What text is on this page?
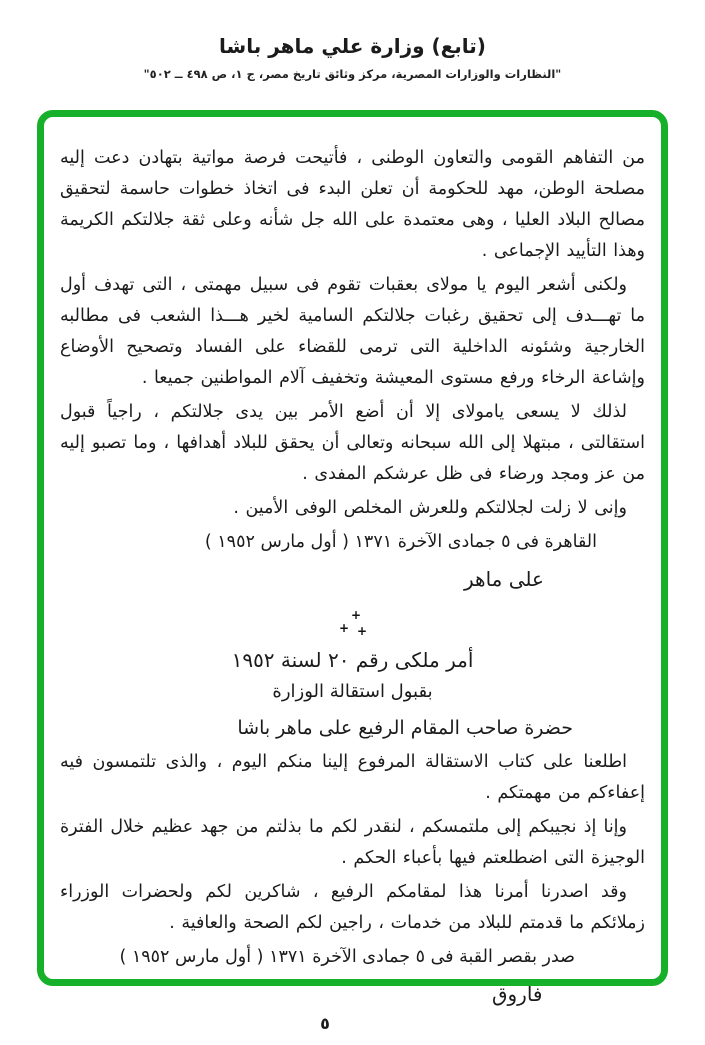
(تابع) وزارة علي ماهر باشا
"النظارات والوزارات المصرية، مركز وثائق تاريخ مصر، ج ١، ص ٤٩٨ ــ ٥٠٢"

من التفاهم القومى والتعاون الوطنى ، فأتيحت فرصة مواتية بتهادن دعت إليه مصلحة الوطن، مهد للحكومة أن تعلن البدء فى اتخاذ خطوات حاسمة لتحقيق مصالح البلاد العليا ، وهى معتمدة على الله جل شأنه وعلى ثقة جلالتكم الكريمة وهذا التأييد الإجماعى .

ولكنى أشعر اليوم يا مولاى بعقبات تقوم فى سبيل مهمتى ، التى تهدف أول ما تهـــدف إلى تحقيق رغبات جلالتكم السامية لخير هـــذا الشعب فى مطالبه الخارجية وشئونه الداخلية التى ترمى للقضاء على الفساد وتصحيح الأوضاع وإشاعة الرخاء ورفع مستوى المعيشة وتخفيف آلام المواطنين جميعا .

لذلك لا يسعى يامولاى إلا أن أضع الأمر بين يدى جلالتكم ، راجياً قبول استقالتى ، مبتهلا إلى الله سبحانه وتعالى أن يحقق للبلاد أهدافها ، وما تصبو إليه من عز ومجد ورضاء فى ظل عرشكم المفدى .

وإنى لا زلت لجلالتكم وللعرش المخلص الوفى الأمين .

القاهرة فى ٥ جمادى الآخرة ١٣٧١ ( أول مارس ١٩٥٢ )

على ماهر

+
+ +
أمر ملكى رقم ٢٠ لسنة ١٩٥٢
بقبول استقالة الوزارة
حضرة صاحب المقام الرفيع على ماهر باشا

اطلعنا على كتاب الاستقالة المرفوع إلينا منكم اليوم ، والذى تلتمسون فيه إعفاءكم من مهمتكم .

وإنا إذ نجيبكم إلى ملتمسكم ، لنقدر لكم ما بذلتم من جهد عظيم خلال الفترة الوجيزة التى اضطلعتم فيها بأعباء الحكم .

وقد اصدرنا أمرنا هذا لمقامكم الرفيع ، شاكرين لكم ولحضرات الوزراء زملائكم ما قدمتم للبلاد من خدمات ، راجين لكم الصحة والعافية .

صدر بقصر القبة فى ٥ جمادى الآخرة ١٣٧١ ( أول مارس ١٩٥٢ )

فاروق

٥
